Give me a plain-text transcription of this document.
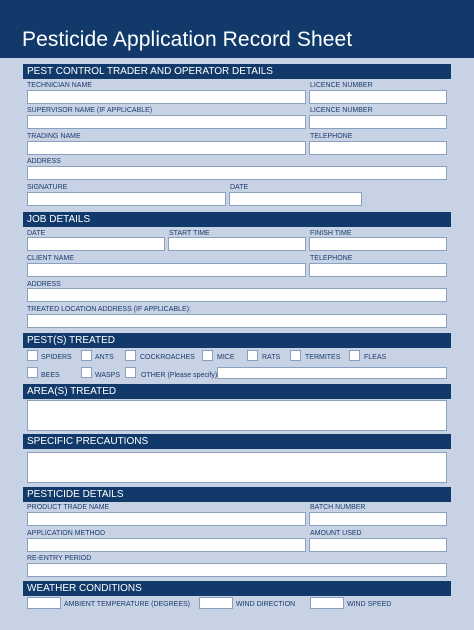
Pesticide Application Record Sheet
PEST CONTROL TRADER AND OPERATOR DETAILS
TECHNICIAN NAME	LICENCE NUMBER
SUPERVISOR NAME (IF APPLICABLE)	LICENCE NUMBER
TRADING NAME	TELEPHONE
ADDRESS
SIGNATURE	DATE
JOB DETAILS
DATE	START TIME	FINISH TIME
CLIENT NAME	TELEPHONE
ADDRESS
TREATED LOCATION ADDRESS (IF APPLICABLE):
PEST(S) TREATED
SPIDERS	ANTS	COCKROACHES	MICE	RATS	TERMITES	FLEAS
BEES	WASPS	OTHER (Please specify)
AREA(S) TREATED
SPECIFIC PRECAUTIONS
PESTICIDE DETAILS
PRODUCT TRADE NAME	BATCH NUMBER
APPLICATION METHOD	AMOUNT USED
RE-ENTRY PERIOD
WEATHER CONDITIONS
AMBIENT TEMPERATURE (DEGREES)	WIND DIRECTION	WIND SPEED
